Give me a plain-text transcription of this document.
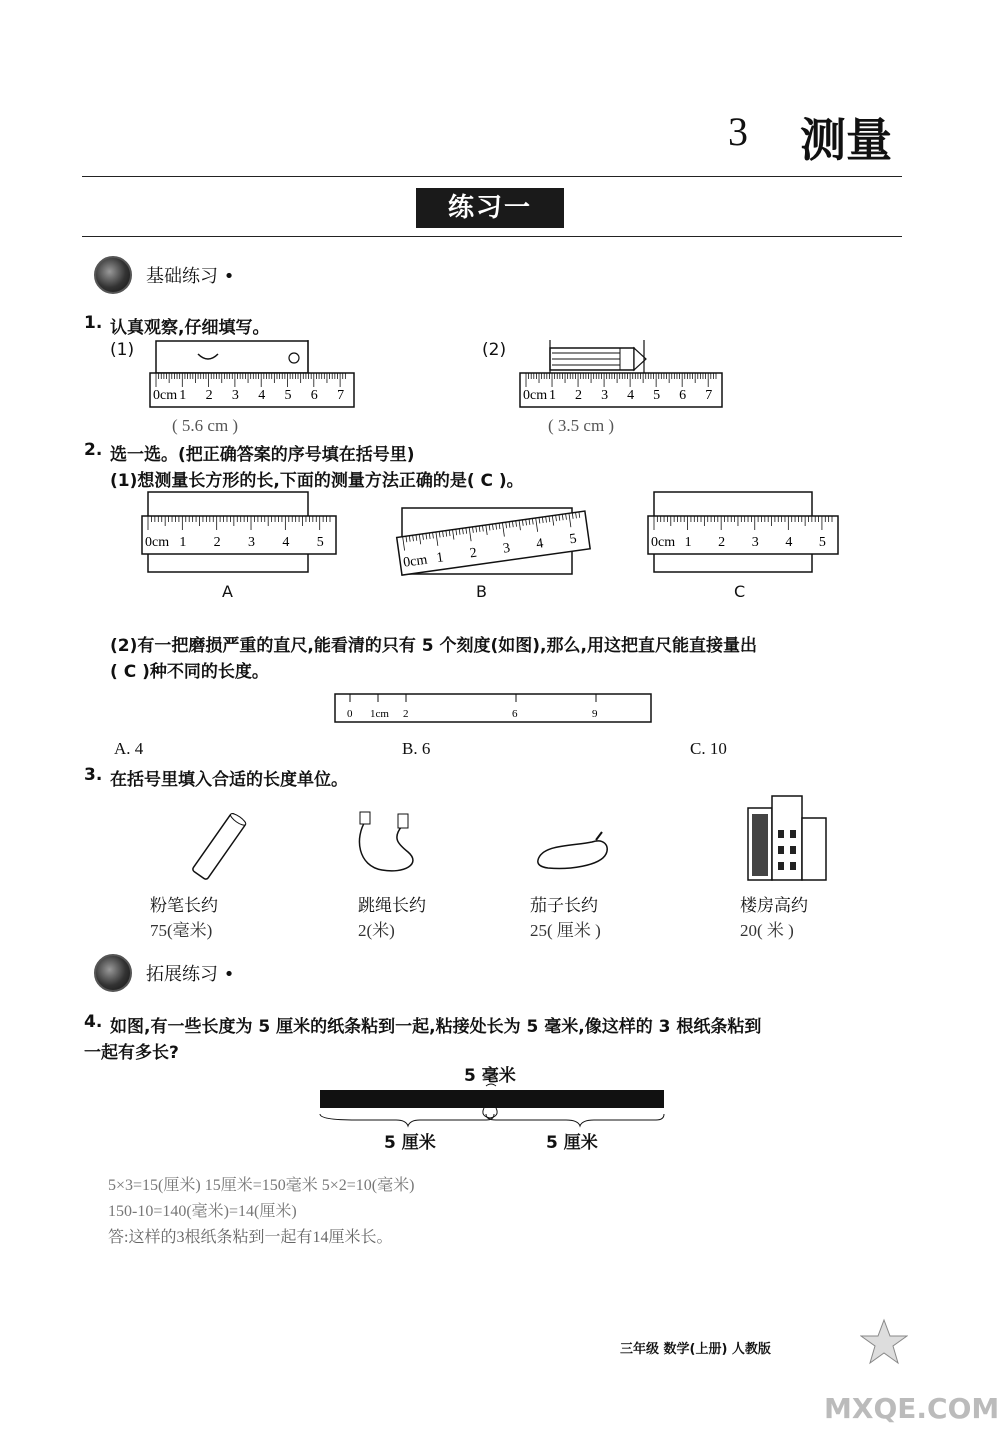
3 测量
练习一
基础练习 •
1. 认真观察,仔细填写。
(1)	(2)
0cm 1 2 3 4 5 6 7
( 5.6 cm )
0cm 1 2 3 4 5 6 7
( 3.5 cm )
2. 选一选。(把正确答案的序号填在括号里)
(1)想测量长方形的长,下面的测量方法正确的是( C )。
0cm 1 2 3 4 5
0cm 1 2 3 4 5	0cm 1 2 3 4 5
A	B	C
(2)有一把磨损严重的直尺,能看清的只有 5 个刻度(如图),那么,用这把直尺能直接量出
( C )种不同的长度。
0 1cm 2	6	9
A. 4	B. 6	C. 10
3. 在括号里填入合适的长度单位。
粉笔长约	跳绳长约	茄子长约	楼房高约
75(毫米)	2(米)	25( 厘米 )	20( 米 )
拓展练习 •
4. 如图,有一些长度为 5 厘米的纸条粘到一起,粘接处长为 5 毫米,像这样的 3 根纸条粘到
一起有多长?
5 毫米
5 厘米	5 厘米
5×3=15(厘米) 15厘米=150毫米 5×2=10(毫米)
150-10=140(毫米)=14(厘米)
答:这样的3根纸条粘到一起有14厘米长。
三年级 数学(上册) 人教版
MXQE.COM
